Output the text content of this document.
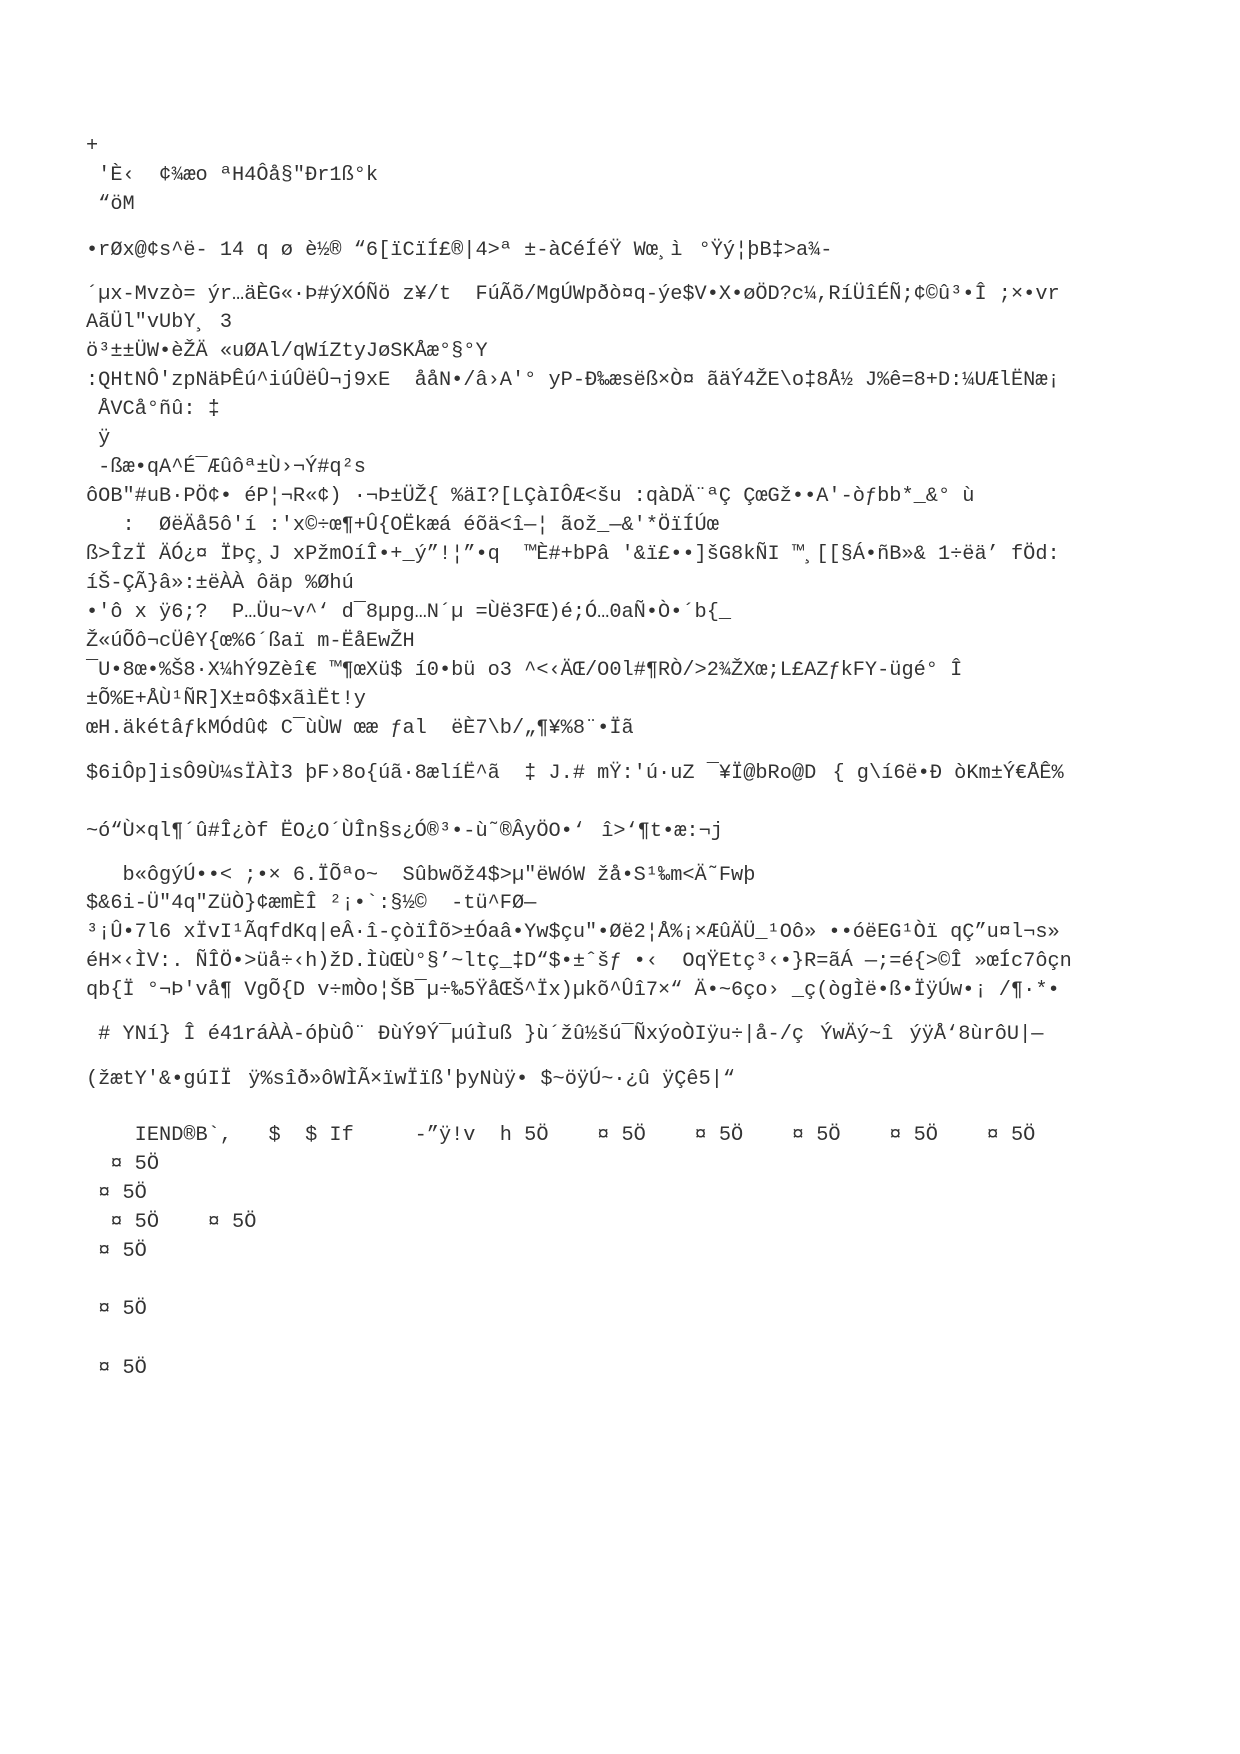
+
'È‹  ¢¾æo ªH4Ôå§"Ðr1ß°k
“öM
•rØx@¢s^ë- 14 q ø è½® “6[ïCïÍ£®|4>ª ±-àCéÍéŸ Wœ¸ì°Ÿý¦þB‡>a¾-
´µx-Mvzò= ýr…äÈG«·Þ#ýXÓÑö z¥/t  FúÃõ/MgÚWpðò¤q-ýe$V•X•øÖD?c¼,RíÜîÉÑ;¢©û³•Î ;×•vr
AãÜl"vUbY¸ 3
ö³±±ÜW•èŽÄ «uØAl/qWíZtyJøSKÅæ°§°Y
:QHtNÔ'zpNäÞÊú^iúÛëÛ¬j9xE  ååN•/â›A'° yP-Ð‰æsëß×Ò¤ ãäÝ4ŽE\o‡8Å½ J%ê=8+D:¼UÆlËNæ¡
ÅVCå°ñû: ‡
ÿ
-ßæ•qA^É¯Æûôª±Ù›¬Ý#q²s
ôOB"#uB·PÖ¢• éP¦¬R«¢) ·¬Þ±ÜŽ{ %äI?[LÇàIÔÆ<šu :qàDÄ¨ªÇ ÇœGž••A'-òƒbb*_&° ù
:  ØëÄå5ô'í :'x©÷œ¶+Û{OËkæá éõä<î—¦ ãož_—&'*ÖïÍÚœ
ß>ÎzÏ ÄÓ¿¤ ÏÞç¸J xPžmOíÎ•+_ý”!¦”•q  ™È#+bPâ '&ï£••]šG8kÑI ™¸[[§Á•ñB»& 1÷ëä’ fÖd:
íŠ-ÇÃ}â»:±ëÀÀ ôäp %Øhú
•'ô x ÿ6;?  P…Üu~v^‘ d¯8µpg…N´µ =Ùë3FŒ)é;Ó…0aÑ•Ò•´b{_
Ž«úÕô¬cÜêY{œ%6´ßaï m-ËåEwŽH
¯U•8œ•%Š8·X¼hÝ9Zèî€ ™¶œXü$ í0•bü o3 ^<‹ÄŒ/O0l#¶RÒ/>2¾ŽXœ;L£AZƒkFY-ügé° Î
±Õ%E+ÅÙ¹ÑR]X±¤ô$xãìËt!y
œH.äkétâƒkMÓdû¢ C¯ùÙW œæ ƒal  ëÈ7\b/„¶¥%8¨•Ïã
$6iÔp]isÔ9Ù¼sÏÀÌ3 þF›8o{úã·8ælíË^ã  ‡ J.# mŸ:'ú·uZ ¯¥Ï@bRo@D{ g\í6ë•Ð òKm±Ý€ÅÊ%
~ó“Ù×ql¶´û#Î¿òf ËO¿O´ÙÎn§s¿Ó®³•-ù˜®ÂyÖO•‘î>‘¶t•æ:¬j
b«ôgýÚ••< ;•× 6.ÏÕªo~  Sûbwõž4$>µ"ëWóW žå•S¹‰m<Ä˜Fwþ
$&6i-Ü"4q"ZüÒ}¢æmÈÎ ²¡•`:§½©  -tü^FØ—
³¡Û•7l6 xÏvI¹ÃqfdKq|eÂ·î-çòïÎõ>±Óaâ•Yw$çu"•Øë2¦Å%¡×ÆûÄÜ_¹Oô» ••óëEG¹Òï qÇ”u¤l¬s»
éH×‹ÌV:. ÑÎÖ•>üå÷‹h)žD.ÌùŒÙ°§’~ltç_‡D“$•±ˆšƒ •‹  OqŸEtç³‹•}R=ãÁ —;=é{>©Î »œÍc7ôçn
qb{Ï °¬Þ'vå¶ VgÕ{D v÷mÒo¦ŠB¯µ÷‰5ŸåŒŠ^Ïx)µkõ^Ûî7×“ Ä•~6ço› _ç(ògÌë•ß•ÏÿÚw•¡ /¶·*•
# YNí} Î é41ráÀÀ-óþùÔ¨ ÐùÝ9Ý¯µúÌuß }ù´žû½šú¯ÑxýoÒIÿu÷|å-/çÝwÄý~îýÿÅ‘8ùrôU|—
(žætY'&•gúIÏÿ%sîð»ôWÌÃ×ïwÏïß'þyNùÿ• $~öÿÚ~·¿û ÿÇê5|“
IEND®B`,   $  $ If     -”ÿ!v  h 5Ö    ¤ 5Ö    ¤ 5Ö    ¤ 5Ö    ¤ 5Ö    ¤ 5Ö
¤ 5Ö
¤ 5Ö
¤ 5Ö    ¤ 5Ö
¤ 5Ö
¤ 5Ö
¤ 5Ö
